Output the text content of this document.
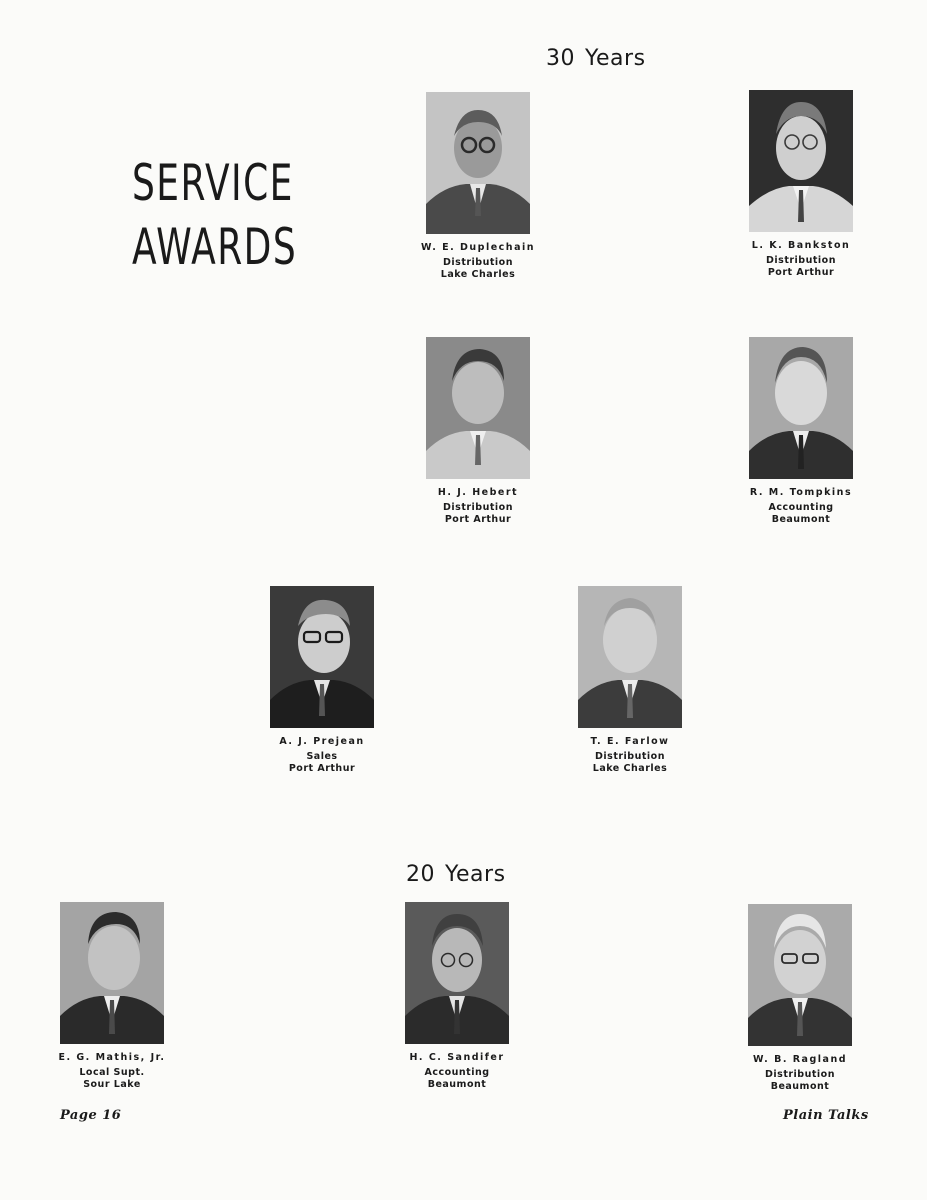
SERVICE
AWARDS
30 Years
W. E. Duplechain
Distribution
Lake Charles
L. K. Bankston
Distribution
Port Arthur
H. J. Hebert
Distribution
Port Arthur
R. M. Tompkins
Accounting
Beaumont
A. J. Prejean
Sales
Port Arthur
T. E. Farlow
Distribution
Lake Charles
20 Years
E. G. Mathis, Jr.
Local Supt.
Sour Lake
H. C. Sandifer
Accounting
Beaumont
W. B. Ragland
Distribution
Beaumont
Page 16	Plain Talks
